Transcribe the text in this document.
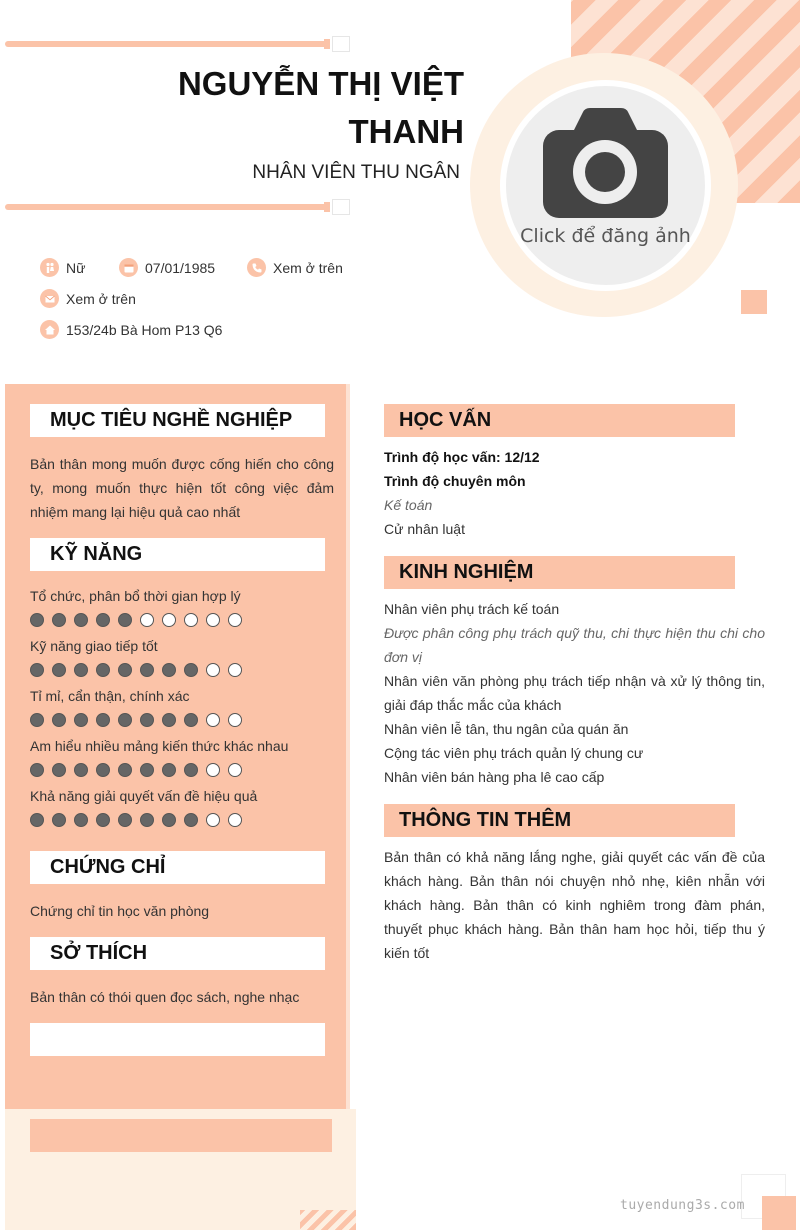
NGUYỄN THỊ VIỆT
THANH
NHÂN VIÊN THU NGÂN
Click để đăng ảnh
Nữ	07/01/1985	Xem ở trên
Xem ở trên
153/24b Bà Hom P13 Q6
MỤC TIÊU NGHỀ NGHIỆP
Bản thân mong muốn được cống hiến cho công ty, mong muốn thực hiện tốt công việc đảm nhiệm mang lại hiệu quả cao nhất
KỸ NĂNG
Tổ chức, phân bổ thời gian hợp lý
Kỹ năng giao tiếp tốt
Tỉ mỉ, cẩn thận, chính xác
Am hiểu nhiều mảng kiến thức khác nhau
Khả năng giải quyết vấn đề hiệu quả
CHỨNG CHỈ
Chứng chỉ tin học văn phòng
SỞ THÍCH
Bản thân có thói quen đọc sách, nghe nhạc
HỌC VẤN
Trình độ học vấn: 12/12
Trình độ chuyên môn
Kế toán
Cử nhân luật
KINH NGHIỆM
Nhân viên phụ trách kế toán
Được phân công phụ trách quỹ thu, chi thực hiện thu chi cho đơn vị
Nhân viên văn phòng phụ trách tiếp nhận và xử lý thông tin, giải đáp thắc mắc của khách
Nhân viên lễ tân, thu ngân của quán ăn
Cộng tác viên phụ trách quản lý chung cư
Nhân viên bán hàng pha lê cao cấp
THÔNG TIN THÊM
Bản thân có khả năng lắng nghe, giải quyết các vấn đề của khách hàng. Bản thân nói chuyện nhỏ nhẹ, kiên nhẫn với khách hàng. Bản thân có kinh nghiêm trong đàm phán, thuyết phục khách hàng. Bản thân ham học hỏi, tiếp thu ý kiến tốt
tuyendung3s.com
